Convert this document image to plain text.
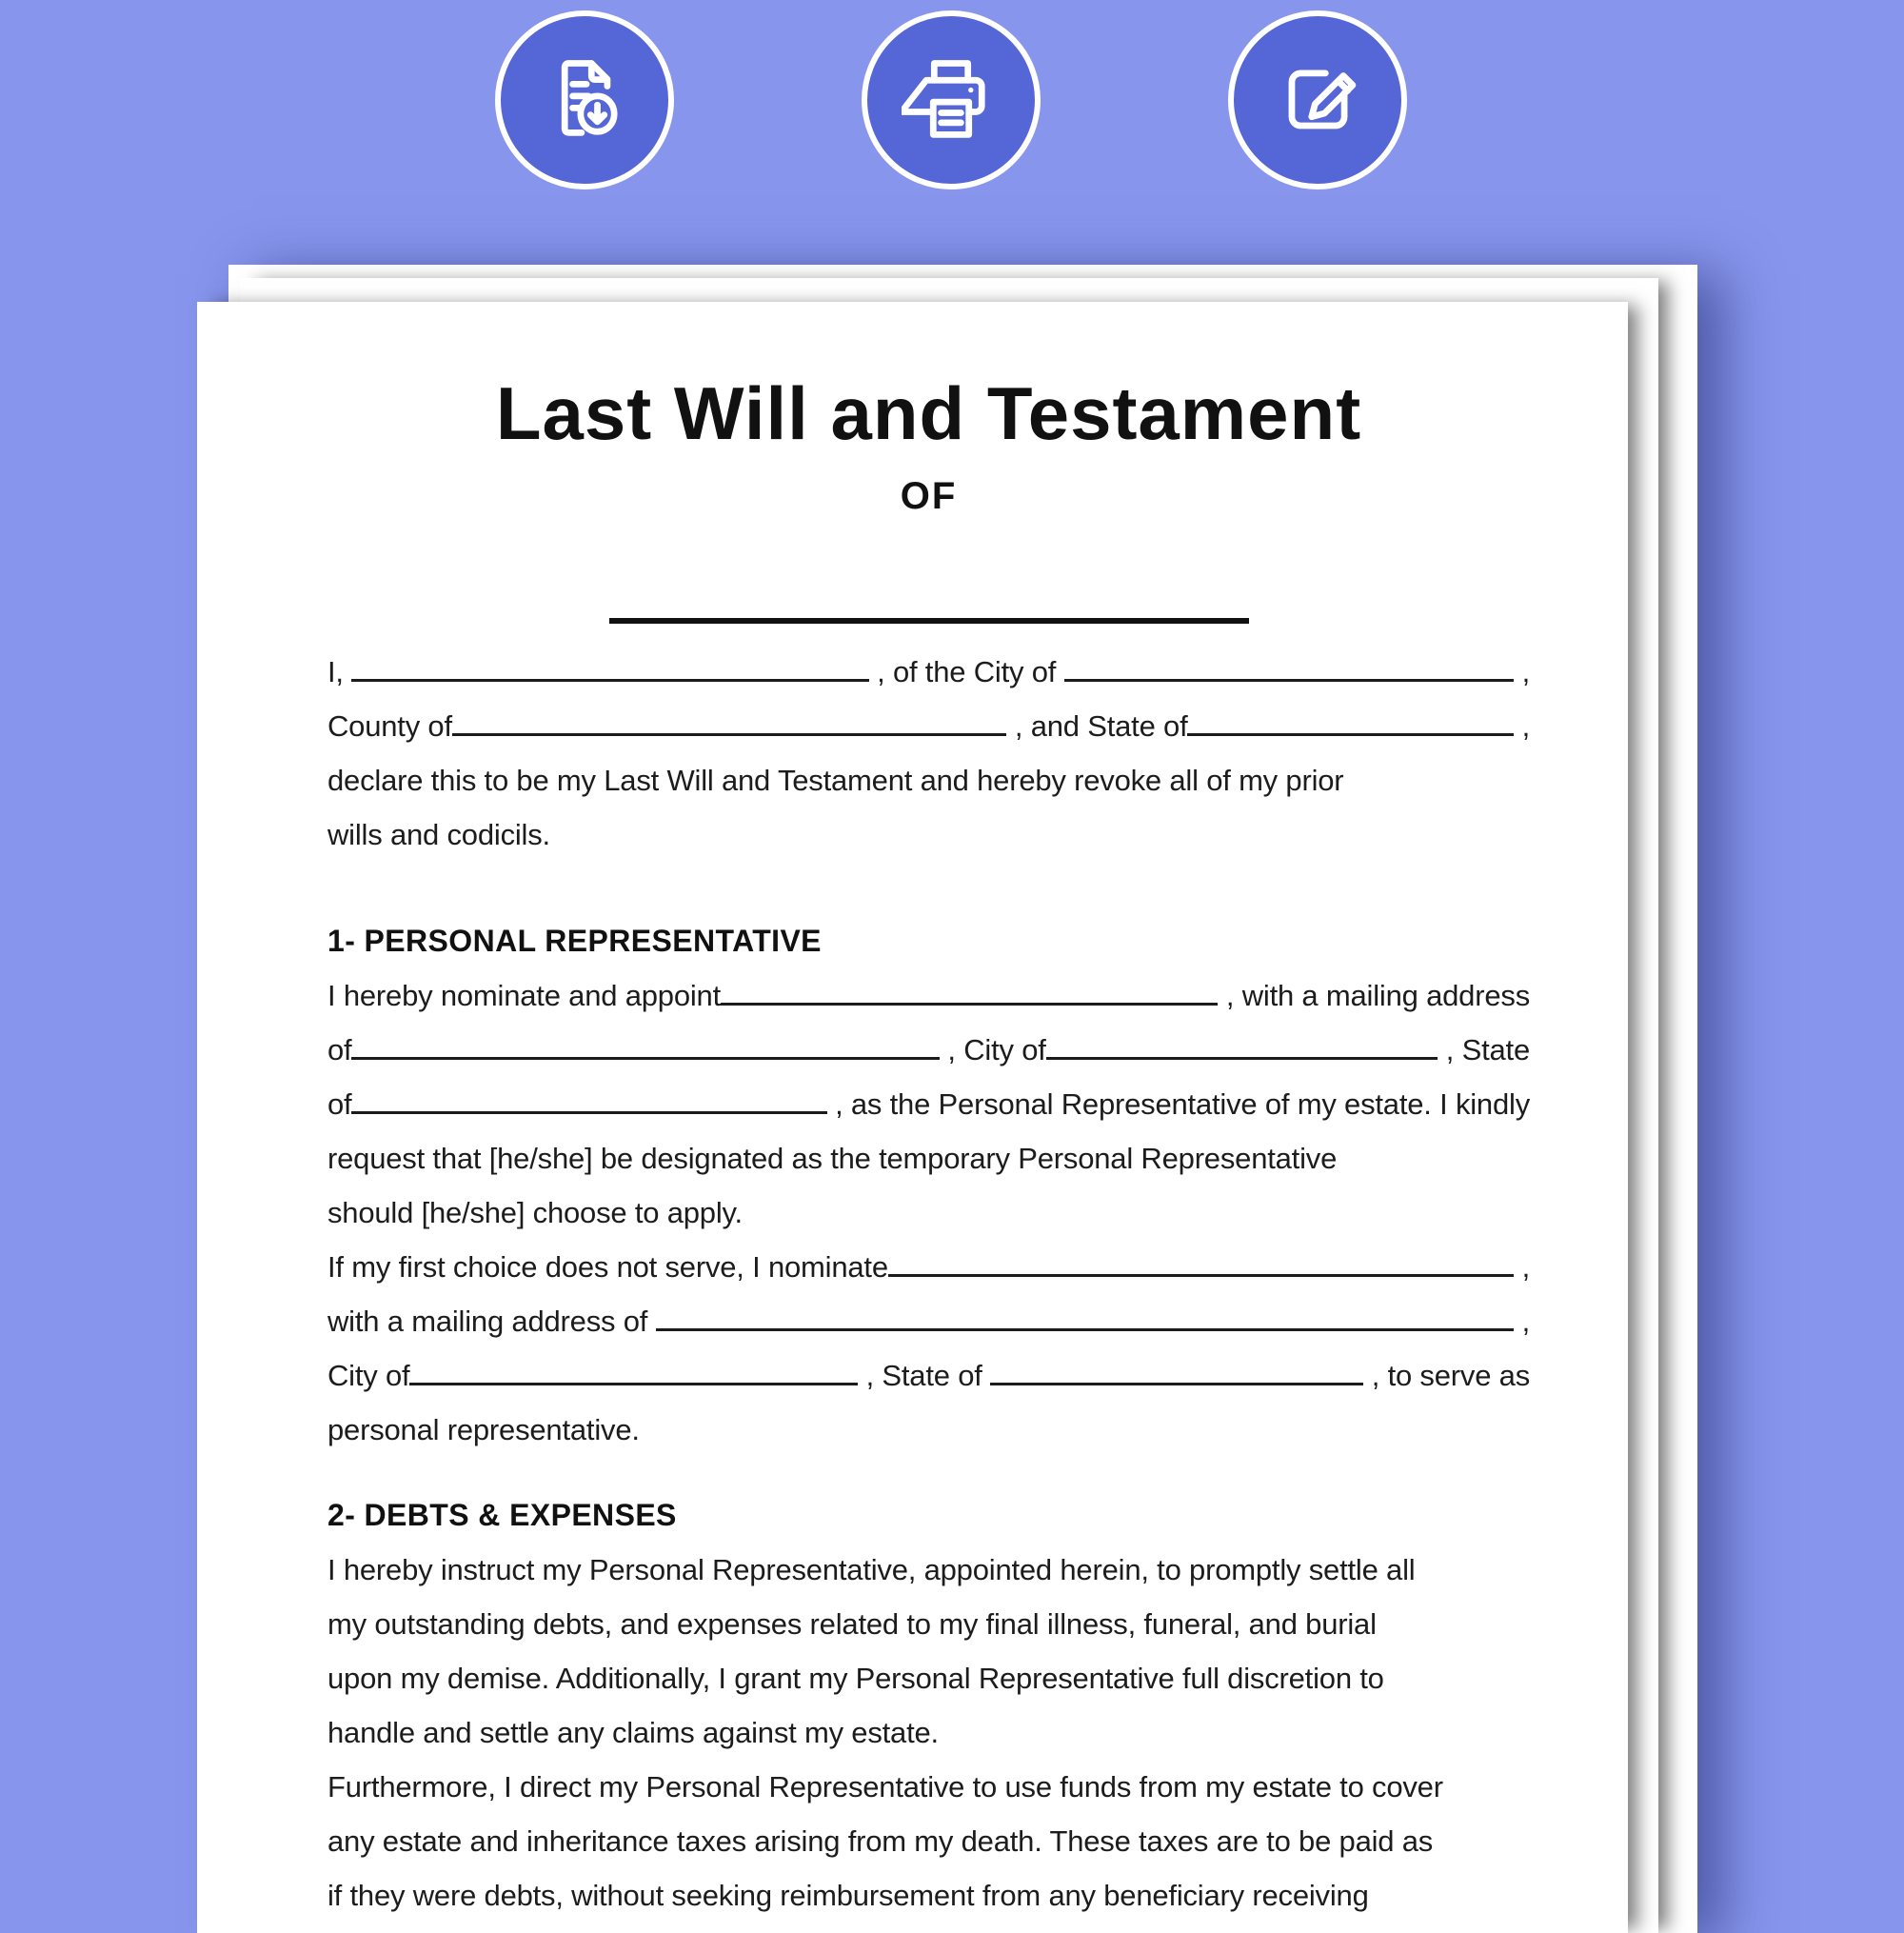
Last Will and Testament
OF
I,	, of the City of	,
County of	, and State of	,
declare this to be my Last Will and Testament and hereby revoke all of my prior
wills and codicils.
1- PERSONAL REPRESENTATIVE
I hereby nominate and appoint	, with a mailing address
of	, City of	, State
of	, as the Personal Representative of my estate. I kindly
request that [he/she] be designated as the temporary Personal Representative
should [he/she] choose to apply.
If my first choice does not serve, I nominate	,
with a mailing address of	,
City of	, State of	, to serve as
personal representative.
2- DEBTS & EXPENSES
I hereby instruct my Personal Representative, appointed herein, to promptly settle all
my outstanding debts, and expenses related to my final illness, funeral, and burial
upon my demise. Additionally, I grant my Personal Representative full discretion to
handle and settle any claims against my estate.
Furthermore, I direct my Personal Representative to use funds from my estate to cover
any estate and inheritance taxes arising from my death. These taxes are to be paid as
if they were debts, without seeking reimbursement from any beneficiary receiving
